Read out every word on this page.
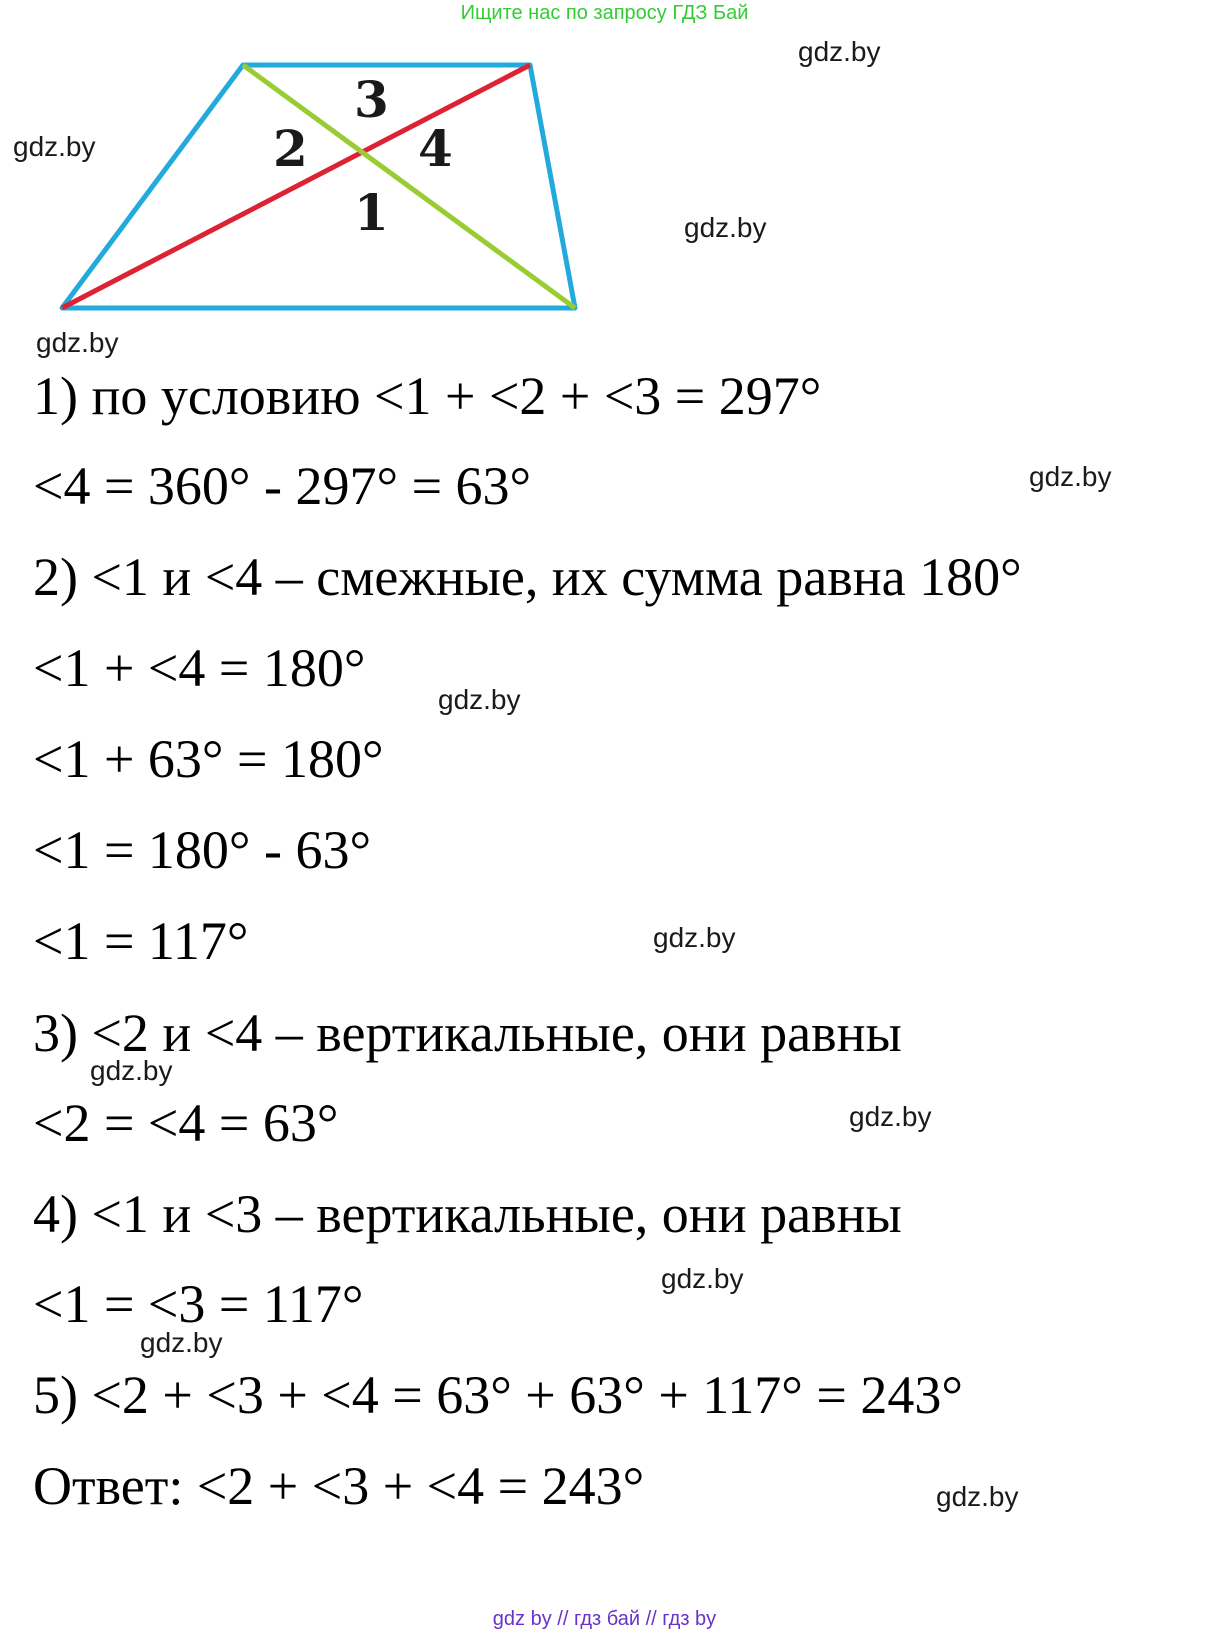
Ищите нас по запросу ГДЗ Бай
3
2 4
1
gdz.by
gdz.by
gdz.by
gdz.by
gdz.by
gdz.by
gdz.by
gdz.by
gdz.by
gdz.by
gdz.by
gdz.by
1) по условию <1 + <2 + <3 = 297°
<4 = 360° - 297° = 63°
2) <1 и <4 – смежные, их сумма равна 180°
<1 + <4 = 180°
<1 + 63° = 180°
<1 = 180° - 63°
<1 = 117°
3) <2 и <4 – вертикальные, они равны
<2 = <4 = 63°
4) <1 и <3 – вертикальные, они равны
<1 = <3 = 117°
5) <2 + <3 + <4 = 63° + 63° + 117° = 243°
Ответ: <2 + <3 + <4 = 243°
gdz by // гдз бай // гдз by
